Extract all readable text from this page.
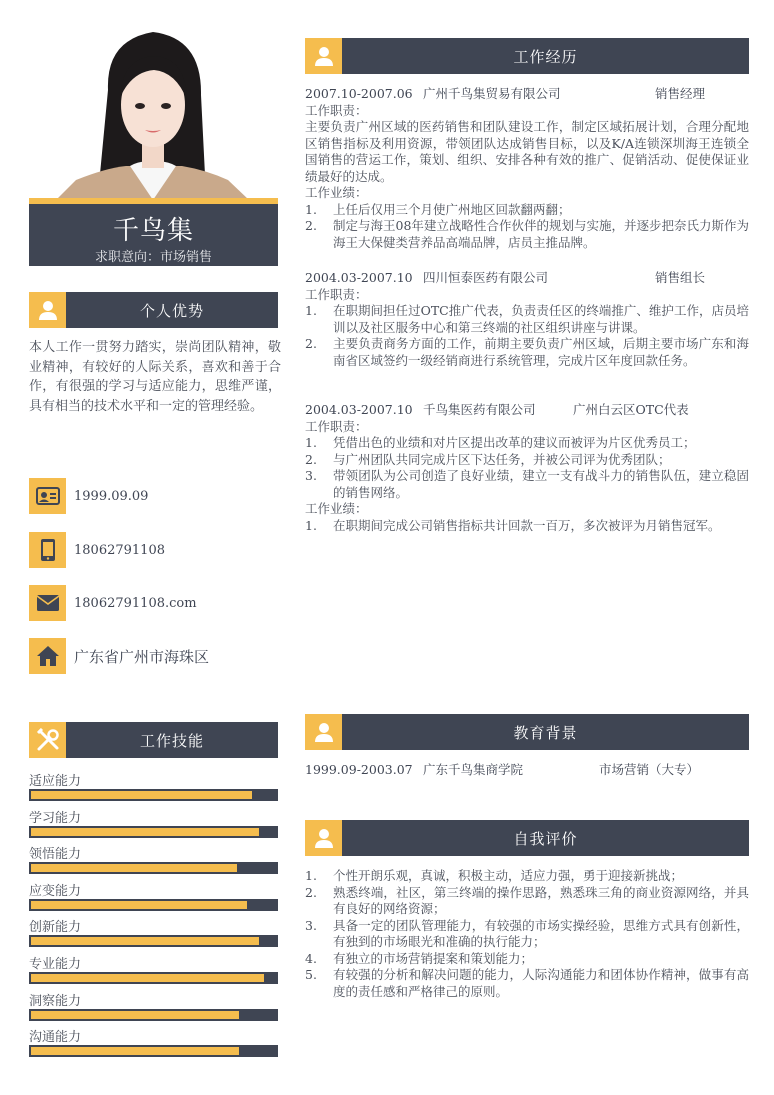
千鸟集
求职意向：市场销售
个人优势
本人工作一贯努力踏实，崇尚团队精神，敬业精神，有较好的人际关系，喜欢和善于合作，有很强的学习与适应能力，思维严谨，具有相当的技术水平和一定的管理经验。
1999.09.09
18062791108
18062791108.com
广东省广州市海珠区
工作技能
适应能力
学习能力
领悟能力
应变能力
创新能力
专业能力
洞察能力
沟通能力
工作经历
2007.10-2007.06 广州千鸟集贸易有限公司	销售经理
工作职责：
主要负责广州区域的医药销售和团队建设工作，制定区域拓展计划，合理分配地区销售指标及利用资源，带领团队达成销售目标，以及K/A连锁深圳海王连锁全国销售的营运工作，策划、组织、安排各种有效的推广、促销活动、促使保证业绩最好的达成。
工作业绩：
1.	上任后仅用三个月使广州地区回款翻两翻；
2.	制定与海王08年建立战略性合作伙伴的规划与实施，并逐步把奈氏力斯作为海王大保健类营养品高端品牌，店员主推品牌。
2004.03-2007.10 四川恒泰医药有限公司	销售组长
工作职责：
1.	在职期间担任过OTC推广代表，负责责任区的终端推广、维护工作，店员培训以及社区服务中心和第三终端的社区组织讲座与讲课。
2.	主要负责商务方面的工作，前期主要负责广州区域，后期主要市场广东和海南省区域签约一级经销商进行系统管理，完成片区年度回款任务。
2004.03-2007.10 千鸟集医药有限公司	广州白云区OTC代表
工作职责：
1.	凭借出色的业绩和对片区提出改革的建议而被评为片区优秀员工；
2.	与广州团队共同完成片区下达任务，并被公司评为优秀团队；
3.	带领团队为公司创造了良好业绩，建立一支有战斗力的销售队伍，建立稳固的销售网络。
工作业绩：
1.	在职期间完成公司销售指标共计回款一百万，多次被评为月销售冠军。
教育背景
1999.09-2003.07 广东千鸟集商学院	市场营销（大专）
自我评价
1.	个性开朗乐观，真诚，积极主动，适应力强，勇于迎接新挑战；
2.	熟悉终端，社区，第三终端的操作思路，熟悉珠三角的商业资源网络，并具有良好的网络资源；
3.	具备一定的团队管理能力，有较强的市场实操经验，思维方式具有创新性，有独到的市场眼光和准确的执行能力；
4.	有独立的市场营销提案和策划能力；
5.	有较强的分析和解决问题的能力，人际沟通能力和团体协作精神，做事有高度的责任感和严格律己的原则。
